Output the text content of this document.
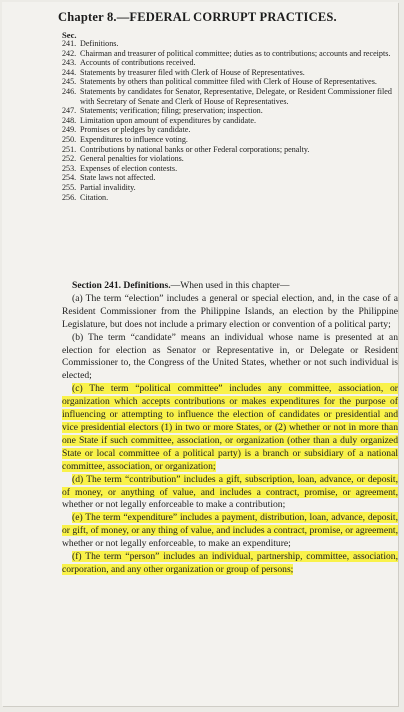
Chapter 8.—FEDERAL CORRUPT PRACTICES.
Sec.
241. Definitions.
242. Chairman and treasurer of political committee; duties as to contributions; accounts and receipts.
243. Accounts of contributions received.
244. Statements by treasurer filed with Clerk of House of Representatives.
245. Statements by others than political committee filed with Clerk of House of Representatives.
246. Statements by candidates for Senator, Representative, Delegate, or Resident Commissioner filed with Secretary of Senate and Clerk of House of Representatives.
247. Statements; verification; filing; preservation; inspection.
248. Limitation upon amount of expenditures by candidate.
249. Promises or pledges by candidate.
250. Expenditures to influence voting.
251. Contributions by national banks or other Federal corporations; penalty.
252. General penalties for violations.
253. Expenses of election contests.
254. State laws not affected.
255. Partial invalidity.
256. Citation.

Section 241. Definitions.—When used in this chapter—

(a) The term “election” includes a general or special election, and, in the case of a Resident Commissioner from the Philippine Islands, an election by the Philippine Legislature, but does not include a primary election or convention of a political party;

(b) The term “candidate” means an individual whose name is presented at an election for election as Senator or Representative in, or Delegate or Resident Commissioner to, the Congress of the United States, whether or not such individual is elected;

(c) The term “political committee” includes any committee, association, or organization which accepts contributions or makes expenditures for the purpose of influencing or attempting to influence the election of candidates or presidential and vice presidential electors (1) in two or more States, or (2) whether or not in more than one State if such committee, association, or organization (other than a duly organized State or local committee of a political party) is a branch or subsidiary of a national committee, association, or organization;

(d) The term “contribution” includes a gift, subscription, loan, advance, or deposit, of money, or anything of value, and includes a contract, promise, or agreement, whether or not legally enforceable to make a contribution;

(e) The term “expenditure” includes a payment, distribution, loan, advance, deposit, or gift, of money, or any thing of value, and includes a contract, promise, or agreement, whether or not legally enforceable, to make an expenditure;

(f) The term “person” includes an individual, partnership, committee, association, corporation, and any other organization or group of persons;
